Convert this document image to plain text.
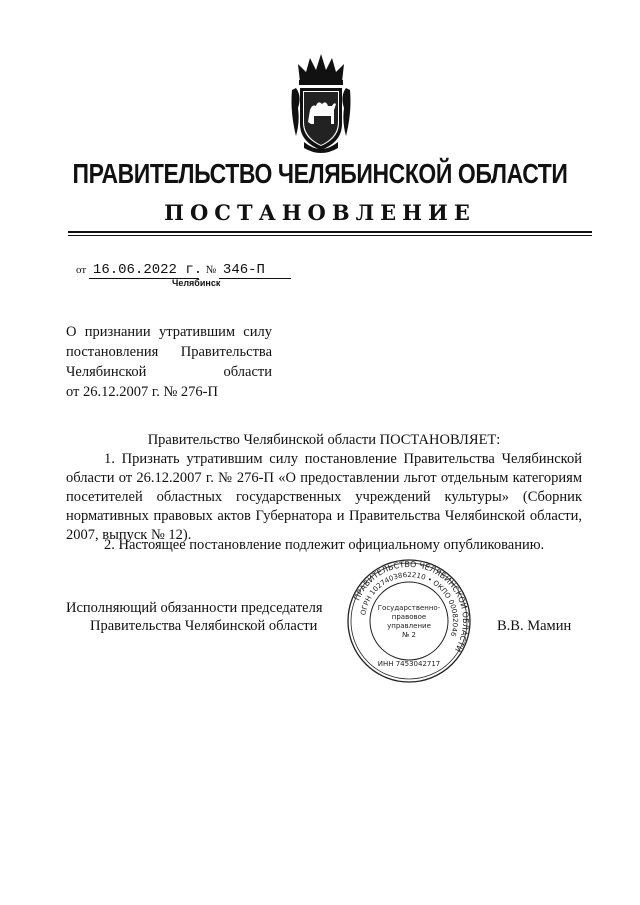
ПРАВИТЕЛЬСТВО ЧЕЛЯБИНСКОЙ ОБЛАСТИ
ПОСТАНОВЛЕНИЕ
от 16.06.2022 г. № 346-П
Челябинск
О признании утратившим силу
постановления Правительства
Челябинской области
от 26.12.2007 г. № 276-П
Правительство Челябинской области ПОСТАНОВЛЯЕТ:
1. Признать утратившим силу постановление Правительства Челябинской области от 26.12.2007 г. № 276-П «О предоставлении льгот отдельным категориям посетителей областных государственных учреждений культуры» (Сборник нормативных правовых актов Губернатора и Правительства Челябинской области, 2007, выпуск № 12).
2. Настоящее постановление подлежит официальному опубликованию.
Исполняющий обязанности председателя
Правительства Челябинской области	В.В. Мамин
ПРАВИТЕЛЬСТВО ЧЕЛЯБИНСКОЙ ОБЛАСТИ
ОГРН 1027403862210 • ОКПО 00082046
ИНН 7453042717
Государственно-
правовое
управление
№ 2
